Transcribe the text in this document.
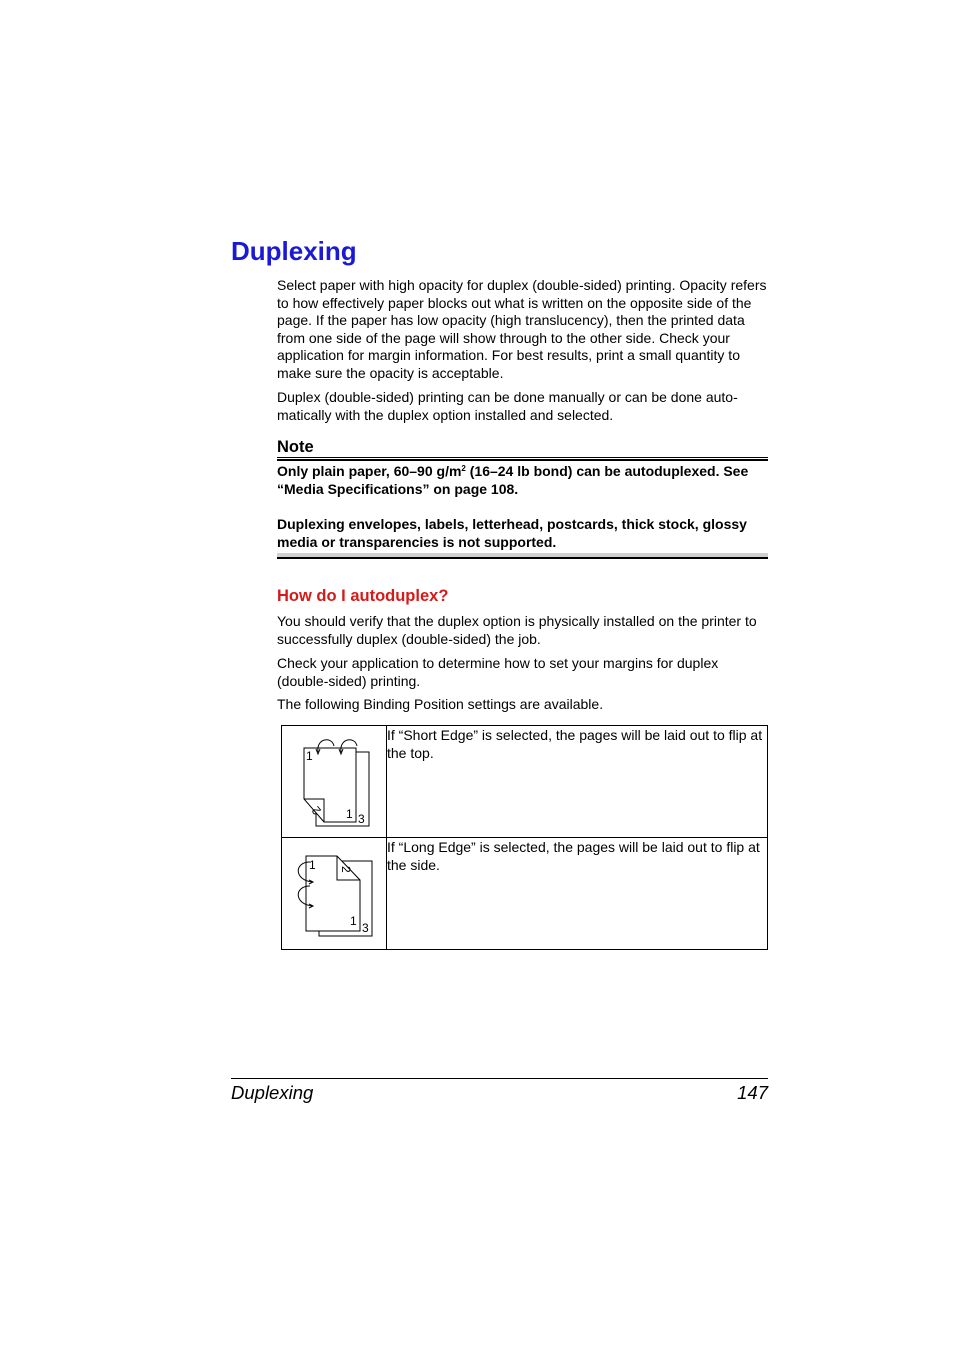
Duplexing

Select paper with high opacity for duplex (double-sided) printing. Opacity refers to how effectively paper blocks out what is written on the opposite side of the page. If the paper has low opacity (high translucency), then the printed data from one side of the page will show through to the other side. Check your application for margin information. For best results, print a small quantity to make sure the opacity is acceptable.

Duplex (double-sided) printing can be done manually or can be done auto-matically with the duplex option installed and selected.

Note

Only plain paper, 60–90 $g/m^2$ (16–24 lb bond) can be autoduplexed. See “Media Specifications” on page 108.

Duplexing envelopes, labels, letterhead, postcards, thick stock, glossy media or transparencies is not supported.

How do I autoduplex?

You should verify that the duplex option is physically installed on the printer to successfully duplex (double-sided) the job.

Check your application to determine how to set your margins for duplex (double-sided) printing.

The following Binding Position settings are available.

1
2 1 3	If “Short Edge” is selected, the pages will be laid out to flip at the top.

1 2
1 3	If “Long Edge” is selected, the pages will be laid out to flip at the side.

Duplexing	147
